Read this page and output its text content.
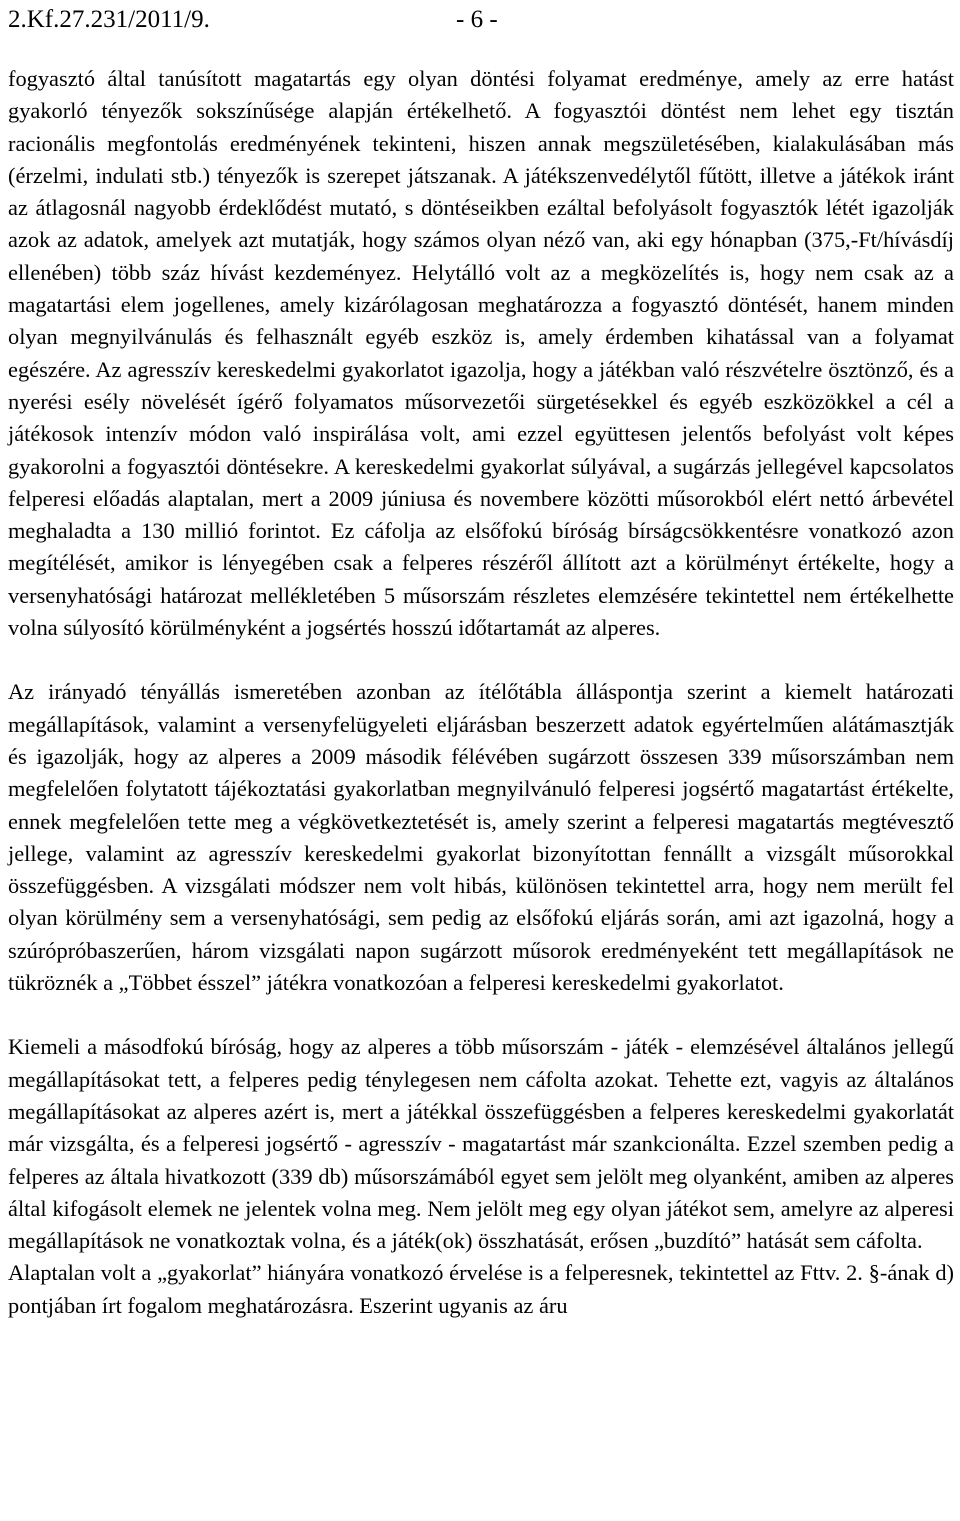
2.Kf.27.231/2011/9.	- 6 -

fogyasztó által tanúsított magatartás egy olyan döntési folyamat eredménye, amely az erre hatást gyakorló tényezők sokszínűsége alapján értékelhető. A fogyasztói döntést nem lehet egy tisztán racionális megfontolás eredményének tekinteni, hiszen annak megszületésében, kialakulásában más (érzelmi, indulati stb.) tényezők is szerepet játszanak. A játékszenvedélytől fűtött, illetve a játékok iránt az átlagosnál nagyobb érdeklődést mutató, s döntéseikben ezáltal befolyásolt fogyasztók létét igazolják azok az adatok, amelyek azt mutatják, hogy számos olyan néző van, aki egy hónapban (375,-Ft/hívásdíj ellenében) több száz hívást kezdeményez. Helytálló volt az a megközelítés is, hogy nem csak az a magatartási elem jogellenes, amely kizárólagosan meghatározza a fogyasztó döntését, hanem minden olyan megnyilvánulás és felhasznált egyéb eszköz is, amely érdemben kihatással van a folyamat egészére. Az agresszív kereskedelmi gyakorlatot igazolja, hogy a játékban való részvételre ösztönző, és a nyerési esély növelését ígérő folyamatos műsorvezetői sürgetésekkel és egyéb eszközökkel a cél a játékosok intenzív módon való inspirálása volt, ami ezzel együttesen jelentős befolyást volt képes gyakorolni a fogyasztói döntésekre. A kereskedelmi gyakorlat súlyával, a sugárzás jellegével kapcsolatos felperesi előadás alaptalan, mert a 2009 júniusa és novembere közötti műsorokból elért nettó árbevétel meghaladta a 130 millió forintot. Ez cáfolja az elsőfokú bíróság bírságcsökkentésre vonatkozó azon megítélését, amikor is lényegében csak a felperes részéről állított azt a körülményt értékelte, hogy a versenyhatósági határozat mellékletében 5 műsorszám részletes elemzésére tekintettel nem értékelhette volna súlyosító körülményként a jogsértés hosszú időtartamát az alperes.

Az irányadó tényállás ismeretében azonban az ítélőtábla álláspontja szerint a kiemelt határozati megállapítások, valamint a versenyfelügyeleti eljárásban beszerzett adatok egyértelműen alátámasztják és igazolják, hogy az alperes a 2009 második félévében sugárzott összesen 339 műsorszámban nem megfelelően folytatott tájékoztatási gyakorlatban megnyilvánuló felperesi jogsértő magatartást értékelte, ennek megfelelően tette meg a végkövetkeztetését is, amely szerint a felperesi magatartás megtévesztő jellege, valamint az agresszív kereskedelmi gyakorlat bizonyítottan fennállt a vizsgált műsorokkal összefüggésben. A vizsgálati módszer nem volt hibás, különösen tekintettel arra, hogy nem merült fel olyan körülmény sem a versenyhatósági, sem pedig az elsőfokú eljárás során, ami azt igazolná, hogy a szúrópróbaszerűen, három vizsgálati napon sugárzott műsorok eredményeként tett megállapítások ne tükröznék a „Többet ésszel” játékra vonatkozóan a felperesi kereskedelmi gyakorlatot.

Kiemeli a másodfokú bíróság, hogy az alperes a több műsorszám - játék - elemzésével általános jellegű megállapításokat tett, a felperes pedig ténylegesen nem cáfolta azokat. Tehette ezt, vagyis az általános megállapításokat az alperes azért is, mert a játékkal összefüggésben a felperes kereskedelmi gyakorlatát már vizsgálta, és a felperesi jogsértő - agresszív - magatartást már szankcionálta. Ezzel szemben pedig a felperes az általa hivatkozott (339 db) műsorszámából egyet sem jelölt meg olyanként, amiben az alperes által kifogásolt elemek ne jelentek volna meg. Nem jelölt meg egy olyan játékot sem, amelyre az alperesi megállapítások ne vonatkoztak volna, és a játék(ok) összhatását, erősen „buzdító” hatását sem cáfolta.

Alaptalan volt a „gyakorlat” hiányára vonatkozó érvelése is a felperesnek, tekintettel az Fttv. 2. §-ának d) pontjában írt fogalom meghatározásra. Eszerint ugyanis az áru
